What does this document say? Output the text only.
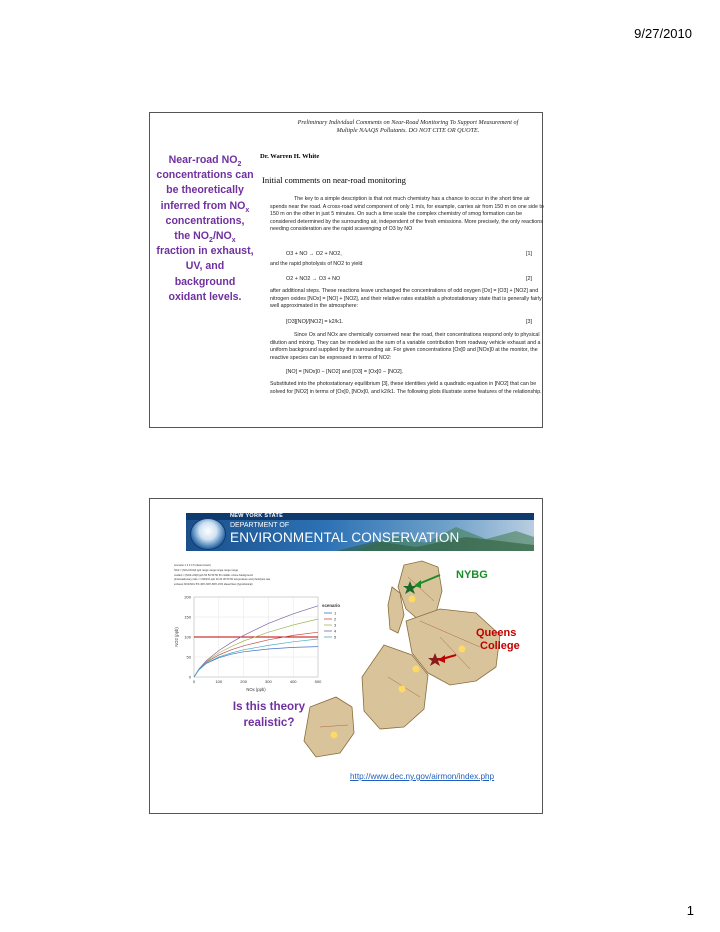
9/27/2010
Preliminary Individual Comments on Near-Road Monitoring To Support Measurement of
Multiple NAAQS Pollutants. DO NOT CITE OR QUOTE.
Dr. Warren H. White
Initial comments on near-road monitoring
Near-road $NO_2$
concentrations can
be theoretically
inferred from $NO_x$
concentrations,
the $NO_2/NO_x$
fraction in exhaust,
UV, and
background
oxidant levels.
The key to a simple description is that not much chemistry has a chance to occur in the short time air spends near the road. A cross-road wind component of only 1 m/s, for example, carries air from 150 m on one side to 150 m on the other in just 5 minutes. On such a time scale the complex chemistry of smog formation can be considered determined by the surrounding air, independent of the fresh emissions. More precisely, the only reactions needing consideration are the rapid scavenging of O3 by NO
O3 + NO → O2 + NO2,	[1]
and the rapid photolysis of NO2 to yield
O2 + NO2 → O3 + NO	[2]
after additional steps. These reactions leave unchanged the concentrations of odd oxygen [Ox] = [O3] + [NO2] and nitrogen oxides [NOx] = [NO] + [NO2], and their relative rates establish a photostationary state that is generally fairly well approximated in the atmosphere:
[O3][NO]/[NO2] = k2/k1.	[3]
Since Ox and NOx are chemically conserved near the road, their concentrations respond only to physical dilution and mixing. They can be modeled as the sum of a variable contribution from roadway vehicle exhaust and a uniform background supplied by the surrounding air. For given concentrations [Ox]0 and [NOx]0 at the monitor, the reactive species can be expressed in terms of NO2:
[NO] = [NOx]0 − [NO2] and [O3] = [Ox]0 − [NO2].
Substituted into the photostationary equilibrium [3], these identities yield a quadratic equation in [NO2] that can be solved for [NO2] in terms of [Ox]0, [NOx]0, and k2/k1. The following plots illustrate some features of the relationship.
NEW YORK STATE
DEPARTMENT OF
ENVIRONMENTAL CONSERVATION
scenario 1 2 3 4 5 (determinant)
NO2 = (NO+NO2)0 ppb range range range range range
oxidant = [NO2+O3]0 ppb 50 50 50 50 50 middle: ozone background
photostationary ratio = O3/NO2 ppb 10 20 30 50 50 temperature and photolysis rate
exhaust NO2/NOx 5% 40% 60% 80% 15% diesel fleet (hypothetical)
0	100	200	300	400	500
0
50
100
150
200
1
2
3
4
5
scenario
NOx (ppb)
NO2 (ppb)
Is this theory
realistic?
NYBG
Queens
College
http://www.dec.ny.gov/airmon/index.php
1
